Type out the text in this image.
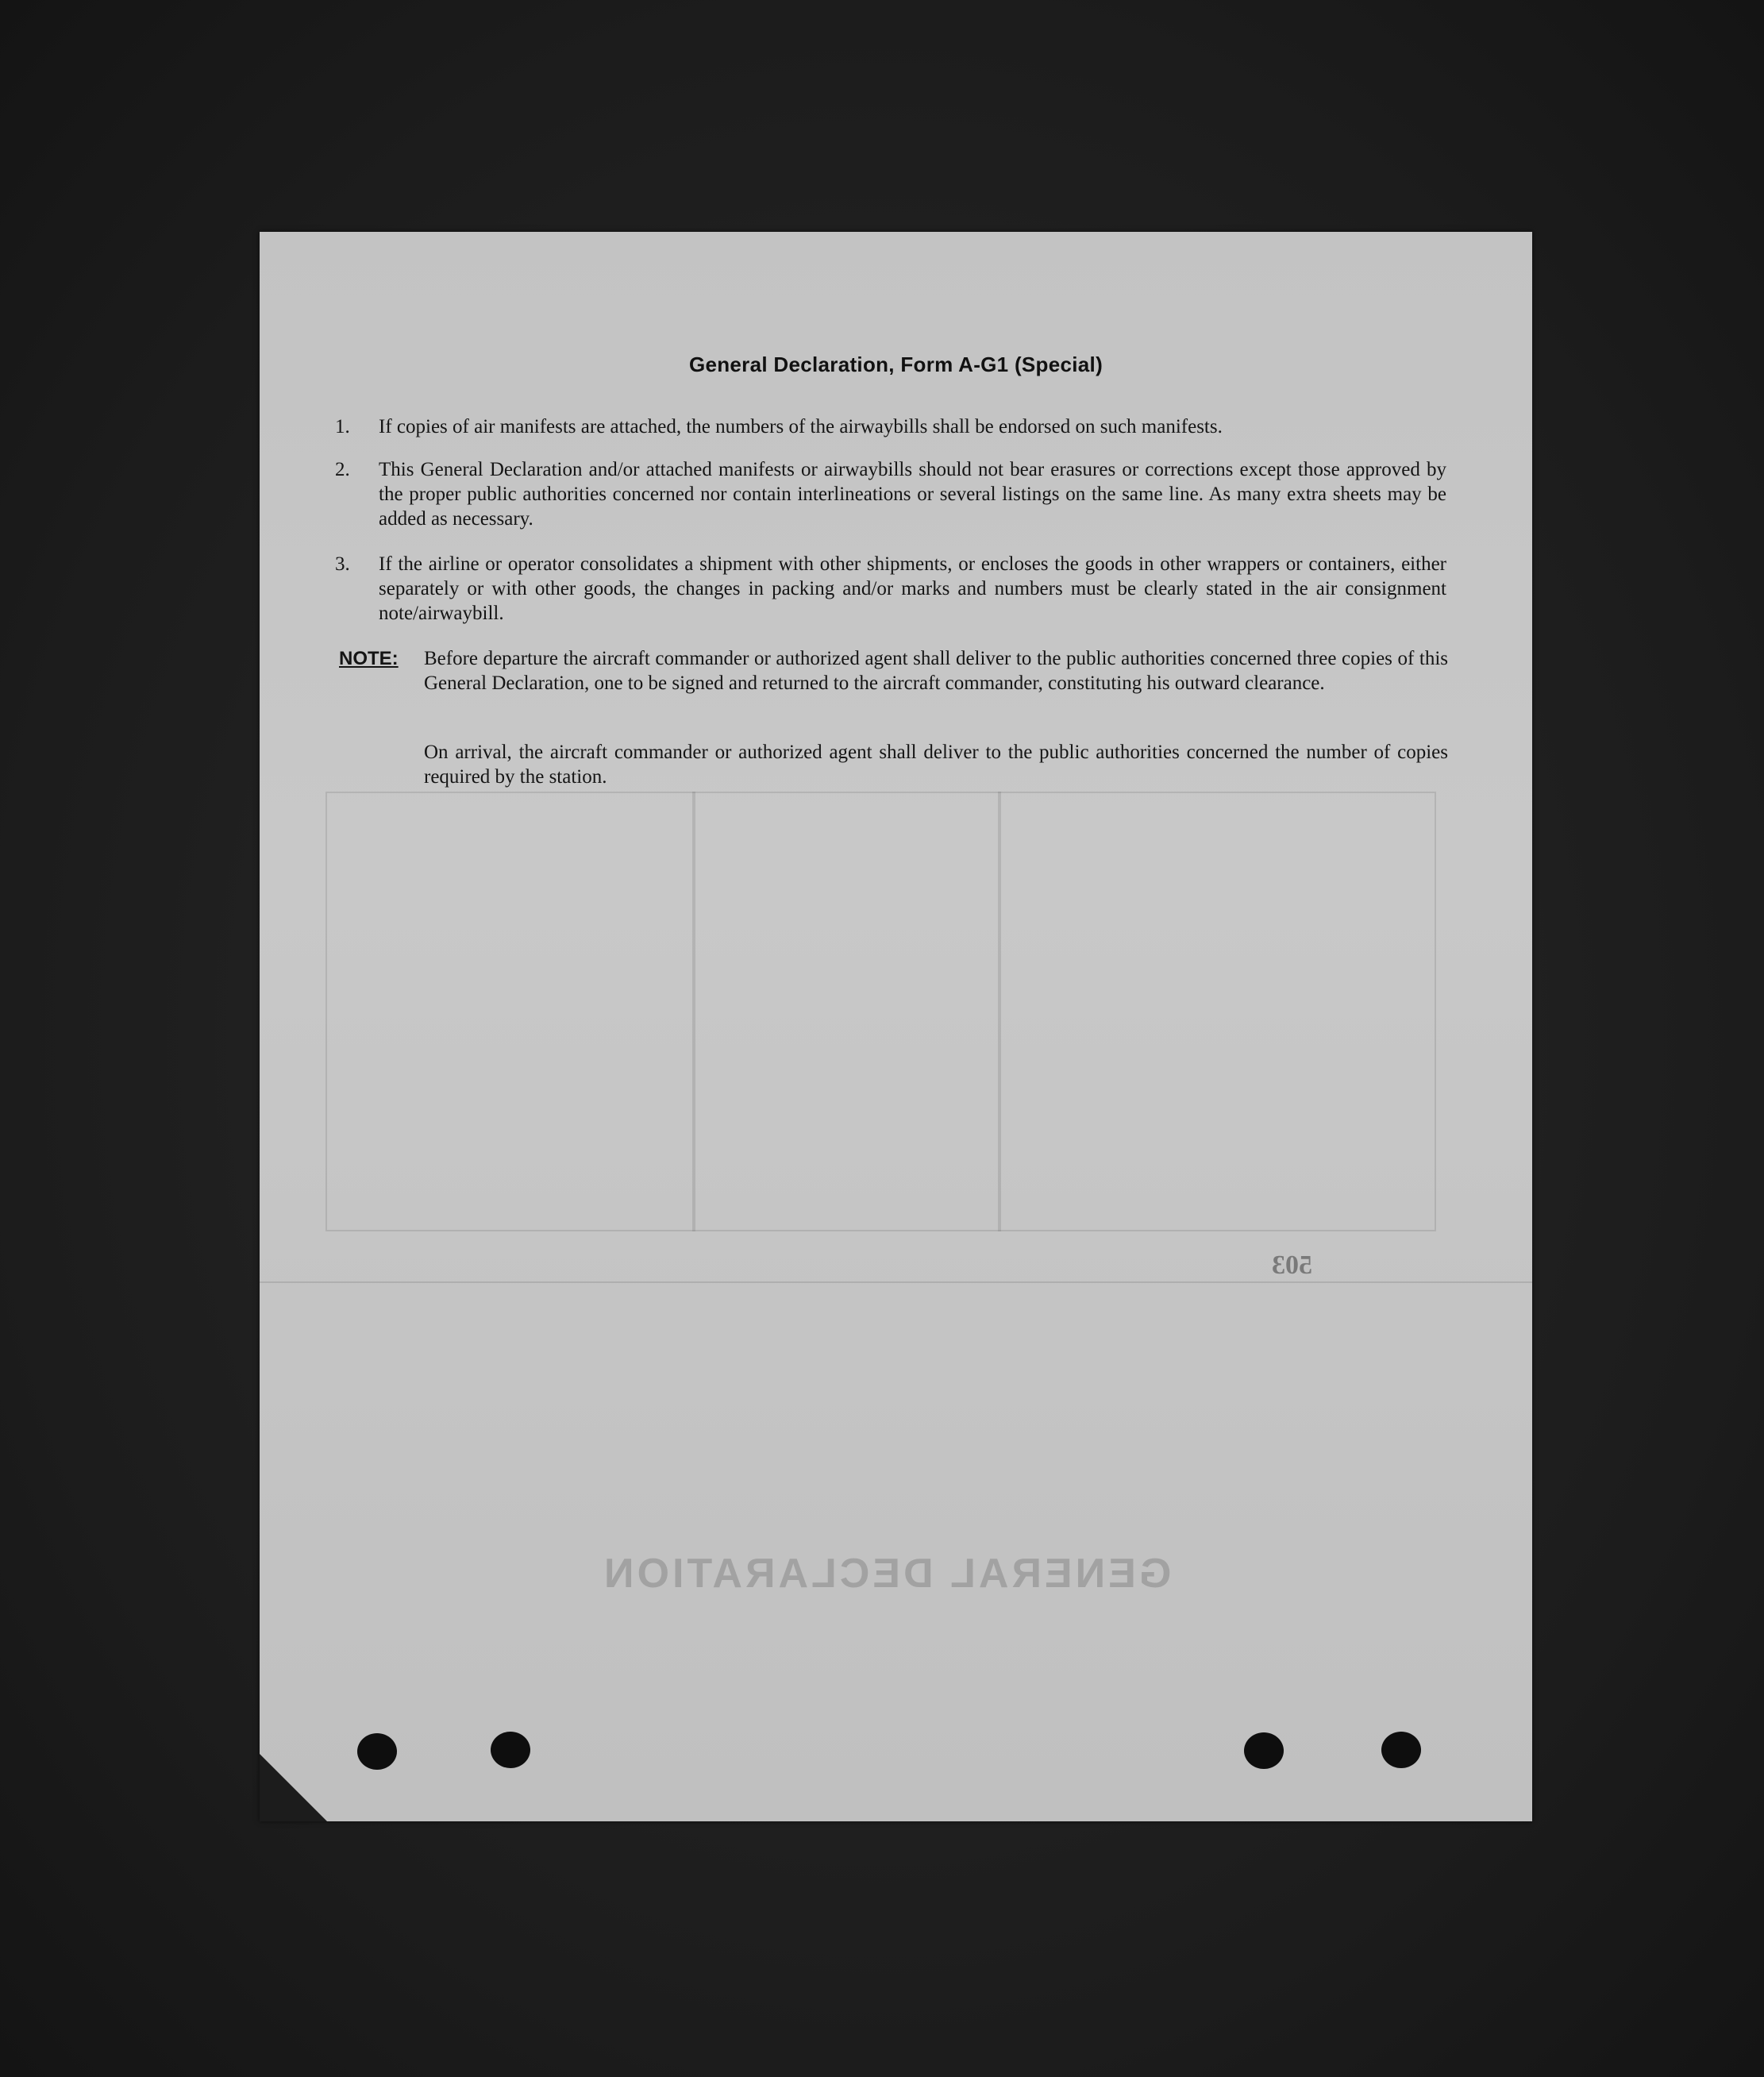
503
GENERAL DECLARATION
General Declaration, Form A-G1 (Special)
1.	If copies of air manifests are attached, the numbers of the airwaybills shall be endorsed on such manifests.
2.	This General Declaration and/or attached manifests or airwaybills should not bear erasures or corrections except those approved by the proper public authorities concerned nor contain interlineations or several listings on the same line. As many extra sheets may be added as necessary.
3.	If the airline or operator consolidates a shipment with other shipments, or encloses the goods in other wrappers or containers, either separately or with other goods, the changes in packing and/or marks and numbers must be clearly stated in the air consignment note/airwaybill.
NOTE: Before departure the aircraft commander or authorized agent shall deliver to the public authorities concerned three copies of this General Declaration, one to be signed and returned to the aircraft commander, constituting his outward clearance.
On arrival, the aircraft commander or authorized agent shall deliver to the public authorities concerned the number of copies required by the station.
